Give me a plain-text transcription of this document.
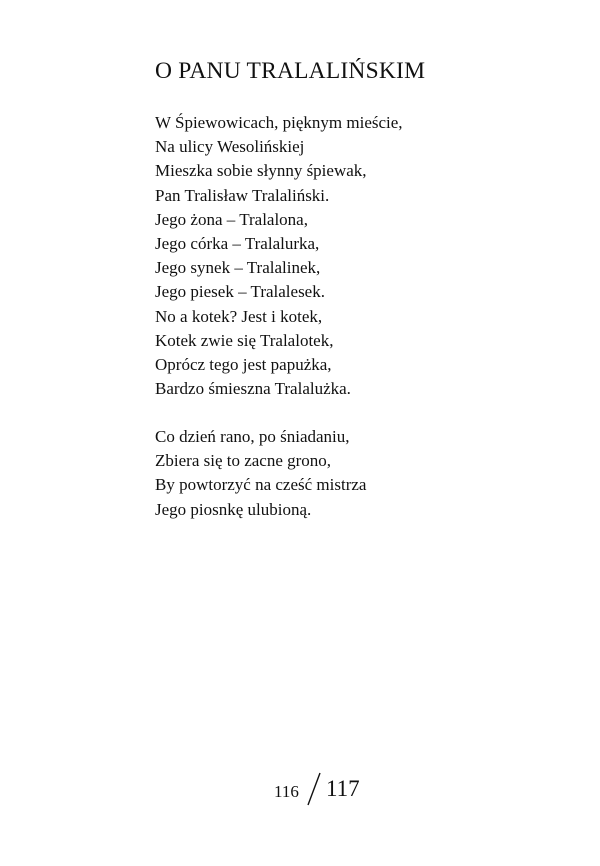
O PANU TRALALIŃSKIM
W Śpiewowicach, pięknym mieście,
Na ulicy Wesolińskiej
Mieszka sobie słynny śpiewak,
Pan Tralisław Tralaliński.
Jego żona – Tralalona,
Jego córka – Tralalurka,
Jego synek – Tralalinek,
Jego piesek – Tralalesek.
No a kotek? Jest i kotek,
Kotek zwie się Tralalotek,
Oprócz tego jest papużka,
Bardzo śmieszna Tralalużka.
Co dzień rano, po śniadaniu,
Zbiera się to zacne grono,
By powtorzyć na cześć mistrza
Jego piosnkę ulubioną.
116 117
